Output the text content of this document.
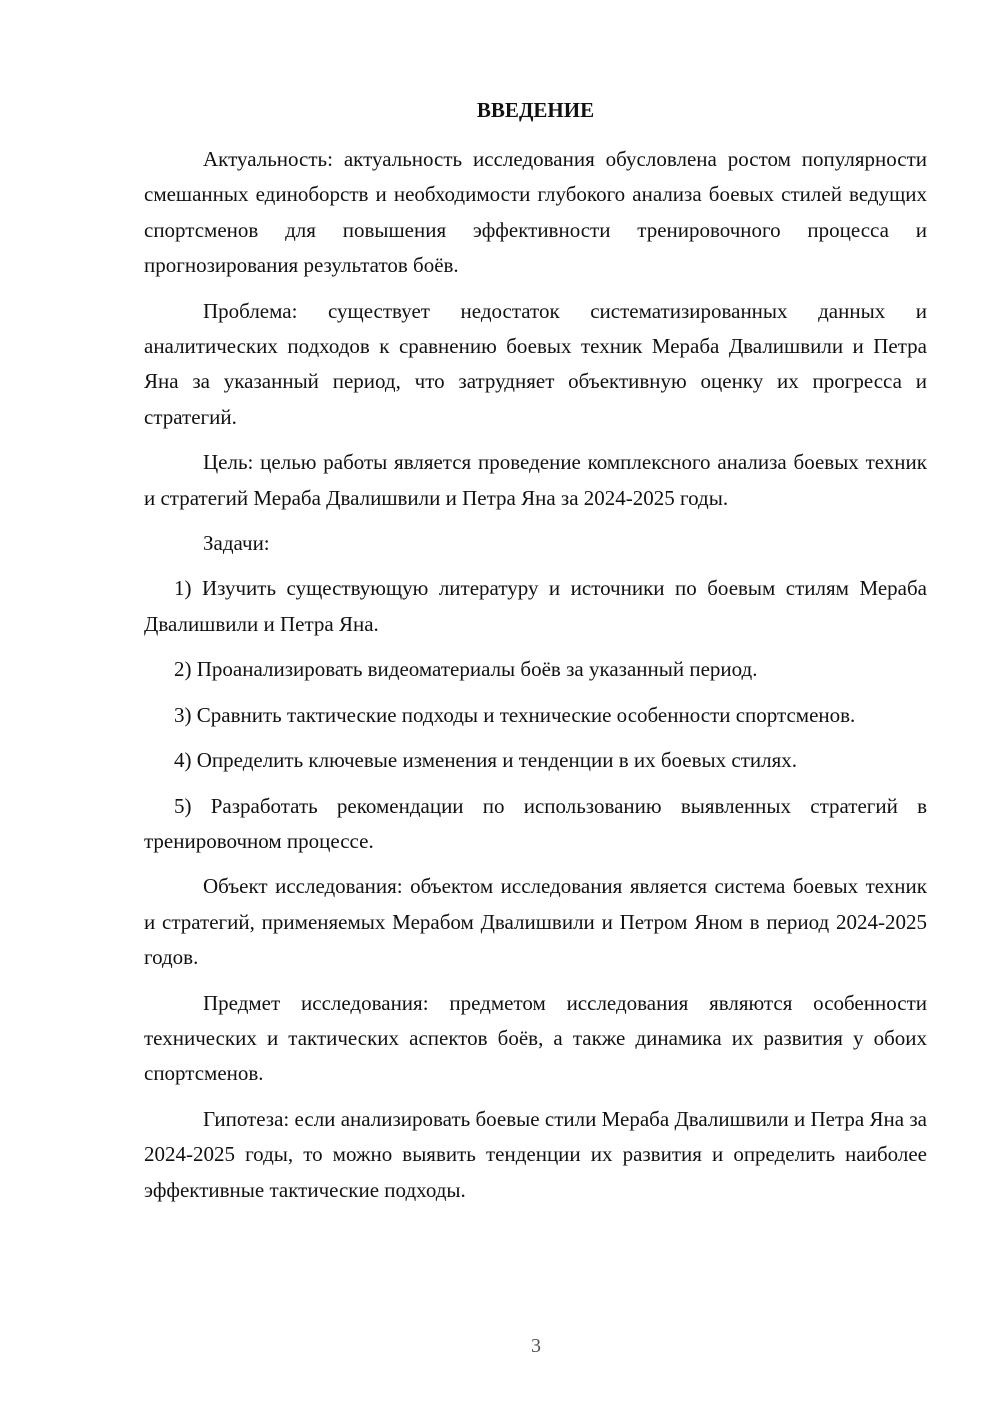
ВВЕДЕНИЕ

Актуальность: актуальность исследования обусловлена ростом популярности смешанных единоборств и необходимости глубокого анализа боевых стилей ведущих спортсменов для повышения эффективности тренировочного процесса и прогнозирования результатов боёв.

Проблема: существует недостаток систематизированных данных и аналитических подходов к сравнению боевых техник Мераба Двалишвили и Петра Яна за указанный период, что затрудняет объективную оценку их прогресса и стратегий.

Цель: целью работы является проведение комплексного анализа боевых техник и стратегий Мераба Двалишвили и Петра Яна за 2024-2025 годы.

Задачи:

1) Изучить существующую литературу и источники по боевым стилям Мераба Двалишвили и Петра Яна.

2) Проанализировать видеоматериалы боёв за указанный период.

3) Сравнить тактические подходы и технические особенности спортсменов.

4) Определить ключевые изменения и тенденции в их боевых стилях.

5) Разработать рекомендации по использованию выявленных стратегий в тренировочном процессе.

Объект исследования: объектом исследования является система боевых техник и стратегий, применяемых Мерабом Двалишвили и Петром Яном в период 2024-2025 годов.

Предмет исследования: предметом исследования являются особенности технических и тактических аспектов боёв, а также динамика их развития у обоих спортсменов.

Гипотеза: если анализировать боевые стили Мераба Двалишвили и Петра Яна за 2024-2025 годы, то можно выявить тенденции их развития и определить наиболее эффективные тактические подходы.

3
